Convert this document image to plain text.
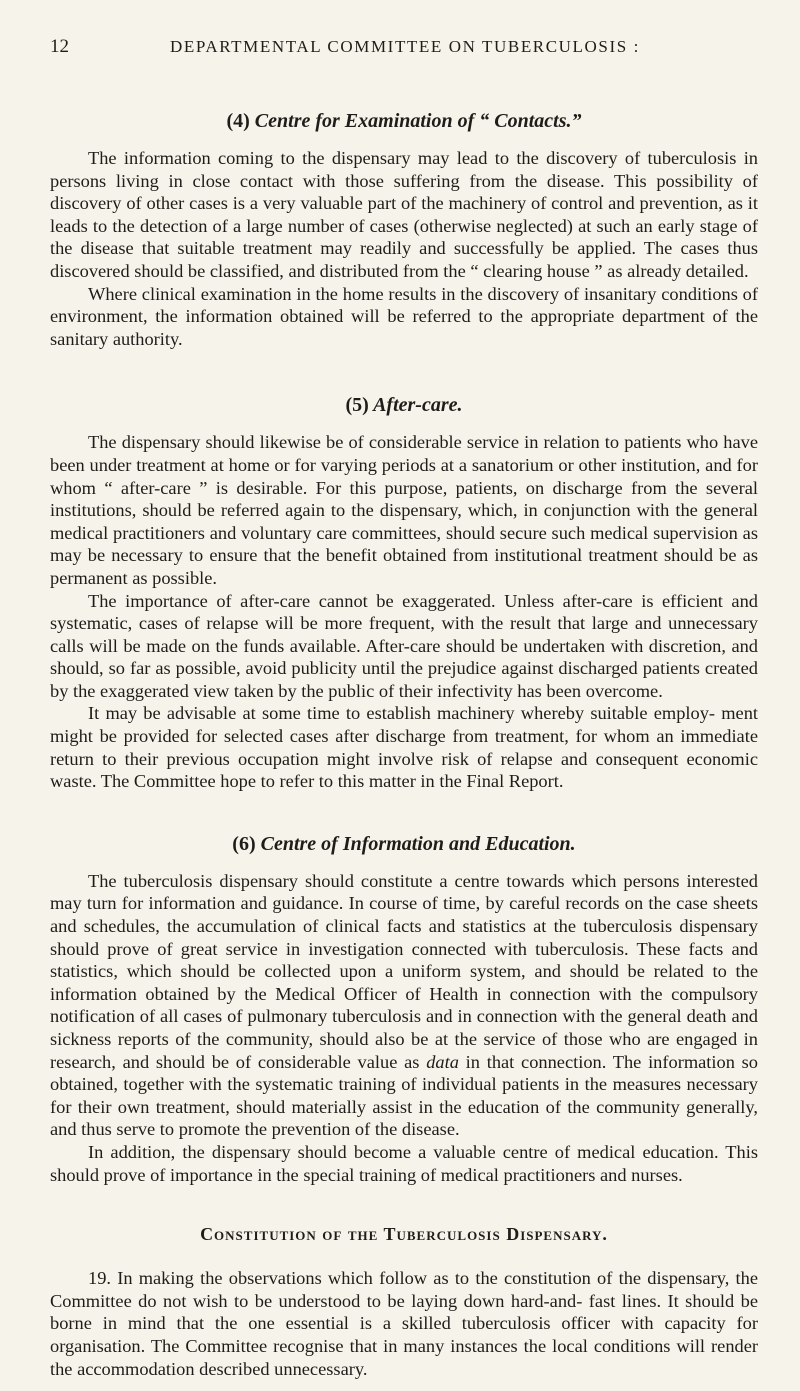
12	DEPARTMENTAL COMMITTEE ON TUBERCULOSIS :
(4) Centre for Examination of “ Contacts.”

The information coming to the dispensary may lead to the discovery of tuberculosis in persons living in close contact with those suffering from the disease. This possibility of discovery of other cases is a very valuable part of the machinery of control and prevention, as it leads to the detection of a large number of cases (otherwise neglected) at such an early stage of the disease that suitable treatment may readily and successfully be applied. The cases thus discovered should be classified, and distributed from the “ clearing house ” as already detailed.

Where clinical examination in the home results in the discovery of insanitary conditions of environment, the information obtained will be referred to the appropriate department of the sanitary authority.

(5) After-care.

The dispensary should likewise be of considerable service in relation to patients who have been under treatment at home or for varying periods at a sanatorium or other institution, and for whom “ after-care ” is desirable. For this purpose, patients, on discharge from the several institutions, should be referred again to the dispensary, which, in conjunction with the general medical practitioners and voluntary care committees, should secure such medical supervision as may be necessary to ensure that the benefit obtained from institutional treatment should be as permanent as possible.

The importance of after-care cannot be exaggerated. Unless after-care is efficient and systematic, cases of relapse will be more frequent, with the result that large and unnecessary calls will be made on the funds available. After-care should be undertaken with discretion, and should, so far as possible, avoid publicity until the prejudice against discharged patients created by the exaggerated view taken by the public of their infectivity has been overcome.

It may be advisable at some time to establish machinery whereby suitable employ- ment might be provided for selected cases after discharge from treatment, for whom an immediate return to their previous occupation might involve risk of relapse and consequent economic waste. The Committee hope to refer to this matter in the Final Report.

(6) Centre of Information and Education.

The tuberculosis dispensary should constitute a centre towards which persons interested may turn for information and guidance. In course of time, by careful records on the case sheets and schedules, the accumulation of clinical facts and statistics at the tuberculosis dispensary should prove of great service in investigation connected with tuberculosis. These facts and statistics, which should be collected upon a uniform system, and should be related to the information obtained by the Medical Officer of Health in connection with the compulsory notification of all cases of pulmonary tuberculosis and in connection with the general death and sickness reports of the community, should also be at the service of those who are engaged in research, and should be of considerable value as data in that connection. The information so obtained, together with the systematic training of individual patients in the measures necessary for their own treatment, should materially assist in the education of the community generally, and thus serve to promote the prevention of the disease.

In addition, the dispensary should become a valuable centre of medical education. This should prove of importance in the special training of medical practitioners and nurses.

Constitution of the Tuberculosis Dispensary.

19. In making the observations which follow as to the constitution of the dispensary, the Committee do not wish to be understood to be laying down hard-and- fast lines. It should be borne in mind that the one essential is a skilled tuberculosis officer with capacity for organisation. The Committee recognise that in many instances the local conditions will render the accommodation described unnecessary.
